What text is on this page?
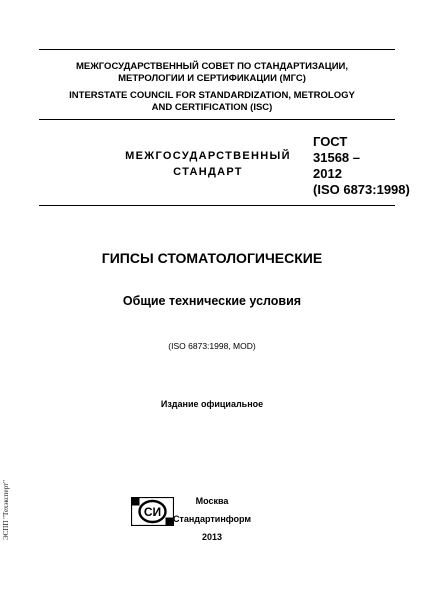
МЕЖГОСУДАРСТВЕННЫЙ СОВЕТ ПО СТАНДАРТИЗАЦИИ, МЕТРОЛОГИИ И СЕРТИФИКАЦИИ (МГС)
INTERSTATE COUNCIL FOR STANDARDIZATION, METROLOGY AND CERTIFICATION (ISC)
МЕЖГОСУДАРСТВЕННЫЙ
СТАНДАРТ
ГОСТ
31568 –
2012
(ISO 6873:1998)
ГИПСЫ СТОМАТОЛОГИЧЕСКИЕ
Общие технические условия
(ISO 6873:1998, MOD)
Издание официальное
СИ
Москва
Стандартинформ
2013
ЭСПП "Техэксперт"
